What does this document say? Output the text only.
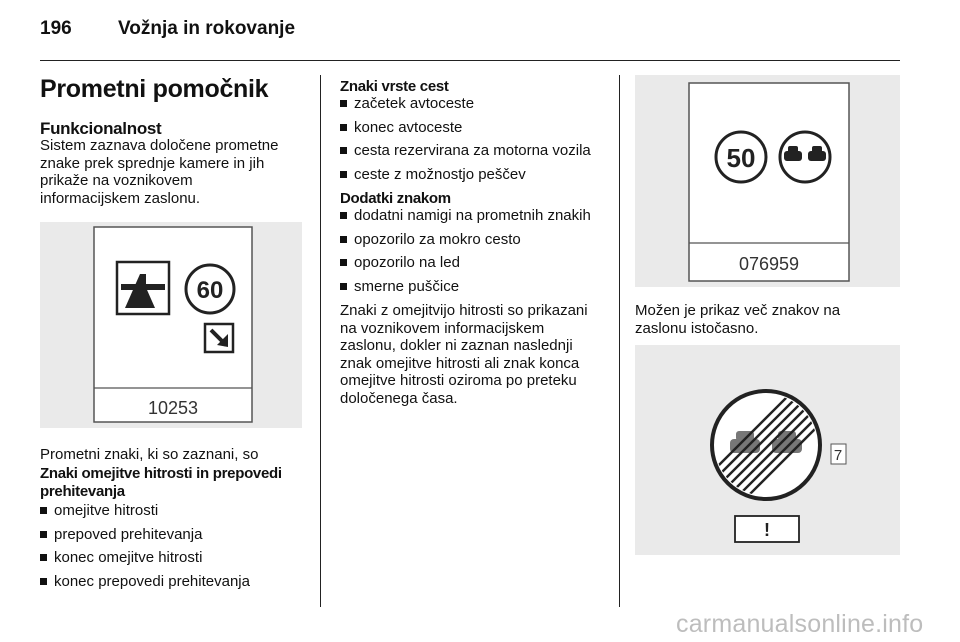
196 Vožnja in rokovanje
Prometni pomočnik
Funkcionalnost
Sistem zaznava določene prometne
znake prek sprednje kamere in jih
prikaže na voznikovem
informacijskem zaslonu.
60
10253
Prometni znaki, ki so zaznani, so
Znaki omejitve hitrosti in prepovedi
prehitevanja
omejitve hitrosti
prepoved prehitevanja
konec omejitve hitrosti
konec prepovedi prehitevanja
Znaki vrste cest
začetek avtoceste
konec avtoceste
cesta rezervirana za motorna vozila
ceste z možnostjo peščev
Dodatki znakom
dodatni namigi na prometnih znakih
opozorilo za mokro cesto
opozorilo na led
smerne puščice
Znaki z omejitvijo hitrosti so prikazani
na voznikovem informacijskem
zaslonu, dokler ni zaznan naslednji
znak omejitve hitrosti ali znak konca
omejitve hitrosti oziroma po preteku
določenega časa.
50
076959
Možen je prikaz več znakov na
zaslonu istočasno.
7
!
carmanualsonline.info
